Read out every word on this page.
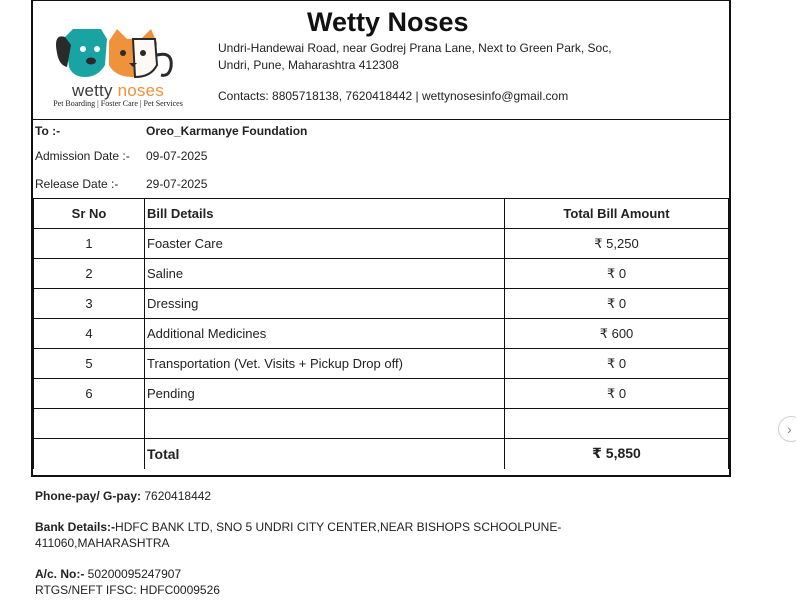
wetty noses
Pet Boarding | Foster Care | Pet Services
Wetty Noses
Undri-Handewai Road, near Godrej Prana Lane, Next to Green Park, Soc,
Undri, Pune, Maharashtra 412308
Contacts: 8805718138, 7620418442 | wettynosesinfo@gmail.com
To :-	Oreo_Karmanye Foundation
Admission Date :- 09-07-2025
Release Date :- 29-07-2025
Sr No	Bill Details	Total Bill Amount
1	Foaster Care	₹ 5,250
2	Saline	₹ 0
3	Dressing	₹ 0
4	Additional Medicines	₹ 600
5	Transportation (Vet. Visits + Pickup Drop off)	₹ 0
6	Pending	₹ 0

	Total	₹ 5,850
Phone-pay/ G-pay: 7620418442
Bank Details:-HDFC BANK LTD, SNO 5 UNDRI CITY CENTER,NEAR BISHOPS SCHOOLPUNE-
411060,MAHARASHTRA
A/c. No:- 50200095247907
RTGS/NEFT IFSC: HDFC0009526
›
